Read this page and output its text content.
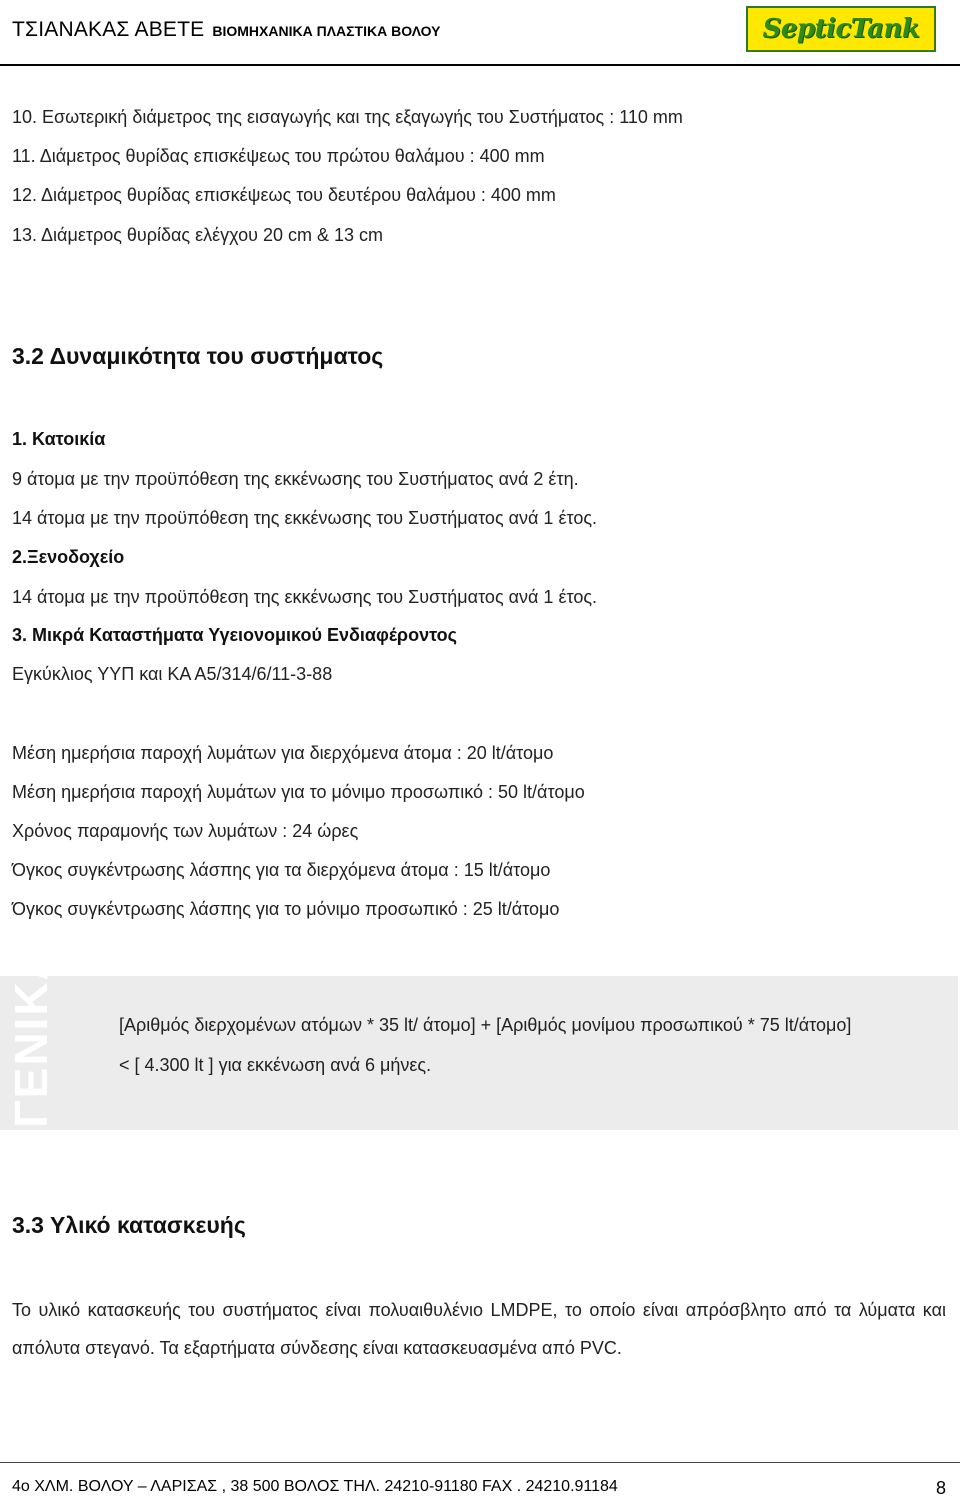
ΤΣΙΑΝΑΚΑΣ ΑΒΕΤΕ ΒΙΟΜΗΧΑΝΙΚΑ ΠΛΑΣΤΙΚΑ ΒΟΛΟΥ	SepticTank
10. Εσωτερική διάμετρος της εισαγωγής και της εξαγωγής του Συστήματος : 110 mm
11. Διάμετρος θυρίδας επισκέψεως του πρώτου θαλάμου : 400 mm
12. Διάμετρος θυρίδας επισκέψεως του δευτέρου θαλάμου : 400 mm
13. Διάμετρος θυρίδας ελέγχου 20 cm & 13 cm
3.2 Δυναμικότητα του συστήματος
1. Κατοικία
9 άτομα με την προϋπόθεση της εκκένωσης του Συστήματος ανά 2 έτη.
14 άτομα με την προϋπόθεση της εκκένωσης του Συστήματος ανά 1 έτος.
2.Ξενοδοχείο
14 άτομα με την προϋπόθεση της εκκένωσης του Συστήματος ανά 1 έτος.
3. Μικρά Καταστήματα Υγειονομικού Ενδιαφέροντος
Εγκύκλιος ΥΥΠ και ΚΑ Α5/314/6/11-3-88
Μέση ημερήσια παροχή λυμάτων για διερχόμενα άτομα : 20 lt/άτομο
Μέση ημερήσια παροχή λυμάτων για το μόνιμο προσωπικό : 50 lt/άτομο
Χρόνος παραμονής των λυμάτων : 24 ώρες
Όγκος συγκέντρωσης λάσπης για τα διερχόμενα άτομα : 15 lt/άτομο
Όγκος συγκέντρωσης λάσπης για το μόνιμο προσωπικό : 25 lt/άτομο
ΓΕΝΙΚΑ	[Αριθμός διερχομένων ατόμων * 35 lt/ άτομο] + [Αριθμός μονίμου προσωπικού * 75 lt/άτομο]
< [ 4.300 lt ] για εκκένωση ανά 6 μήνες.
3.3 Υλικό κατασκευής
Το υλικό κατασκευής του συστήματος είναι πολυαιθυλένιο LMDPE, το οποίο είναι απρόσβλητο από τα λύματα και απόλυτα στεγανό. Τα εξαρτήματα σύνδεσης είναι κατασκευασμένα από PVC.
4ο ΧΛΜ. ΒΟΛΟΥ – ΛΑΡΙΣΑΣ , 38 500 ΒΟΛΟΣ ΤΗΛ. 24210-91180 FAX . 24210.91184	8
